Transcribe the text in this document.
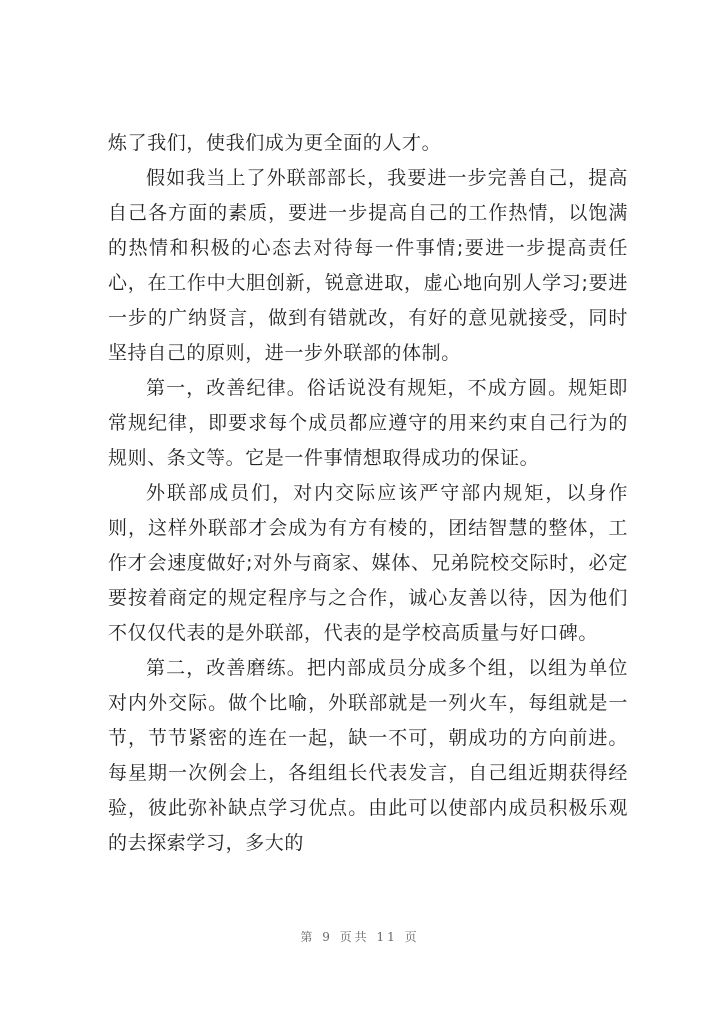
炼了我们，使我们成为更全面的人才。

假如我当上了外联部部长，我要进一步完善自己，提高自己各方面的素质，要进一步提高自己的工作热情，以饱满的热情和积极的心态去对待每一件事情;要进一步提高责任心，在工作中大胆创新，锐意进取，虚心地向别人学习;要进一步的广纳贤言，做到有错就改，有好的意见就接受，同时坚持自己的原则，进一步外联部的体制。

第一，改善纪律。俗话说没有规矩，不成方圆。规矩即常规纪律，即要求每个成员都应遵守的用来约束自己行为的规则、条文等。它是一件事情想取得成功的保证。

外联部成员们，对内交际应该严守部内规矩，以身作则，这样外联部才会成为有方有棱的，团结智慧的整体，工作才会速度做好;对外与商家、媒体、兄弟院校交际时，必定要按着商定的规定程序与之合作，诚心友善以待，因为他们不仅仅代表的是外联部，代表的是学校高质量与好口碑。

第二，改善磨练。把内部成员分成多个组，以组为单位对内外交际。做个比喻，外联部就是一列火车，每组就是一节，节节紧密的连在一起，缺一不可，朝成功的方向前进。每星期一次例会上，各组组长代表发言，自己组近期获得经验，彼此弥补缺点学习优点。由此可以使部内成员积极乐观的去探索学习，多大的

第 9 页共 11 页
